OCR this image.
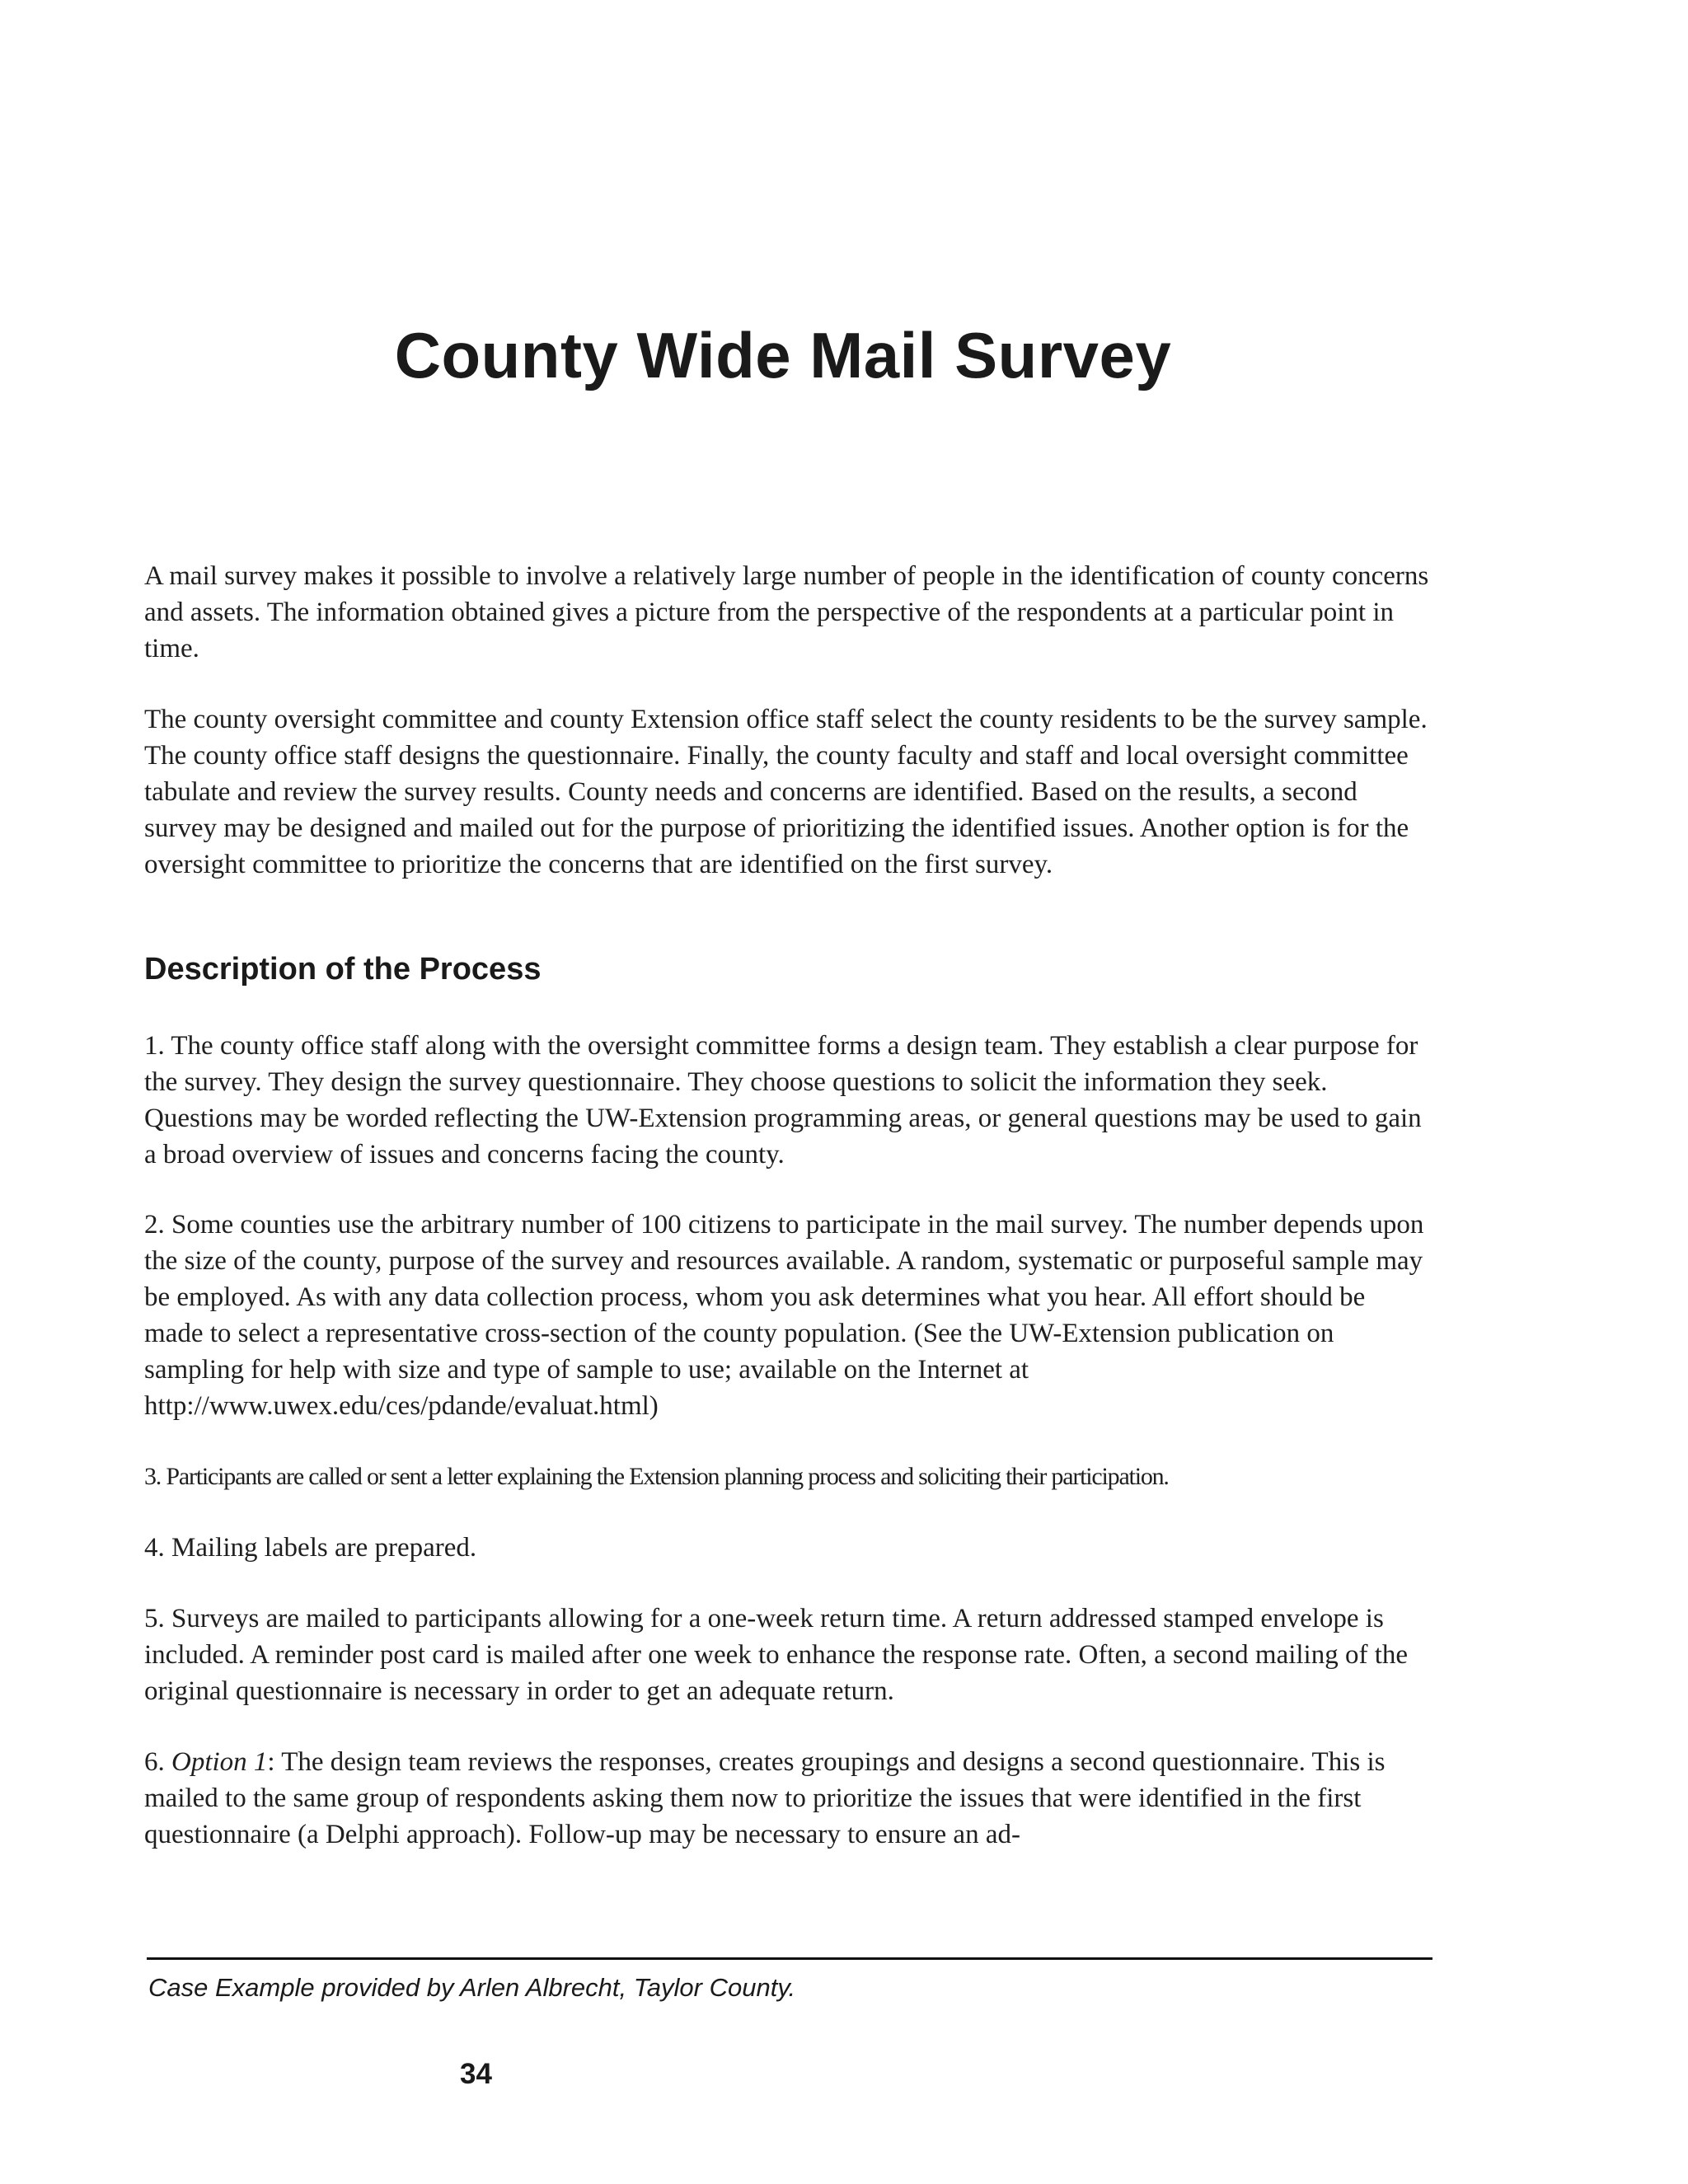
County Wide Mail Survey

A mail survey makes it possible to involve a relatively large number of people in the identification of county concerns and assets. The information obtained gives a picture from the perspective of the respondents at a particular point in time.

The county oversight committee and county Extension office staff select the county residents to be the survey sample. The county office staff designs the questionnaire. Finally, the county faculty and staff and local oversight committee tabulate and review the survey results. County needs and concerns are identified. Based on the results, a second survey may be designed and mailed out for the purpose of prioritizing the identified issues. Another option is for the oversight committee to prioritize the concerns that are identified on the first survey.

Description of the Process

1. The county office staff along with the oversight committee forms a design team. They establish a clear purpose for the survey. They design the survey questionnaire. They choose questions to solicit the information they seek. Questions may be worded reflecting the UW-Extension programming areas, or general questions may be used to gain a broad overview of issues and concerns facing the county.

2. Some counties use the arbitrary number of 100 citizens to participate in the mail survey. The number depends upon the size of the county, purpose of the survey and resources available. A random, systematic or purposeful sample may be employed. As with any data collection process, whom you ask determines what you hear. All effort should be made to select a representative cross-section of the county population. (See the UW-Extension publication on sampling for help with size and type of sample to use; available on the Internet at http://www.uwex.edu/ces/pdande/evaluat.html)

3. Participants are called or sent a letter explaining the Extension planning process and soliciting their participation.

4. Mailing labels are prepared.

5. Surveys are mailed to participants allowing for a one-week return time. A return addressed stamped envelope is included. A reminder post card is mailed after one week to enhance the response rate. Often, a second mailing of the original questionnaire is necessary in order to get an adequate return.

6. Option 1: The design team reviews the responses, creates groupings and designs a second questionnaire. This is mailed to the same group of respondents asking them now to prioritize the issues that were identified in the first questionnaire (a Delphi approach). Follow-up may be necessary to ensure an ad-

Case Example provided by Arlen Albrecht, Taylor County.

34
